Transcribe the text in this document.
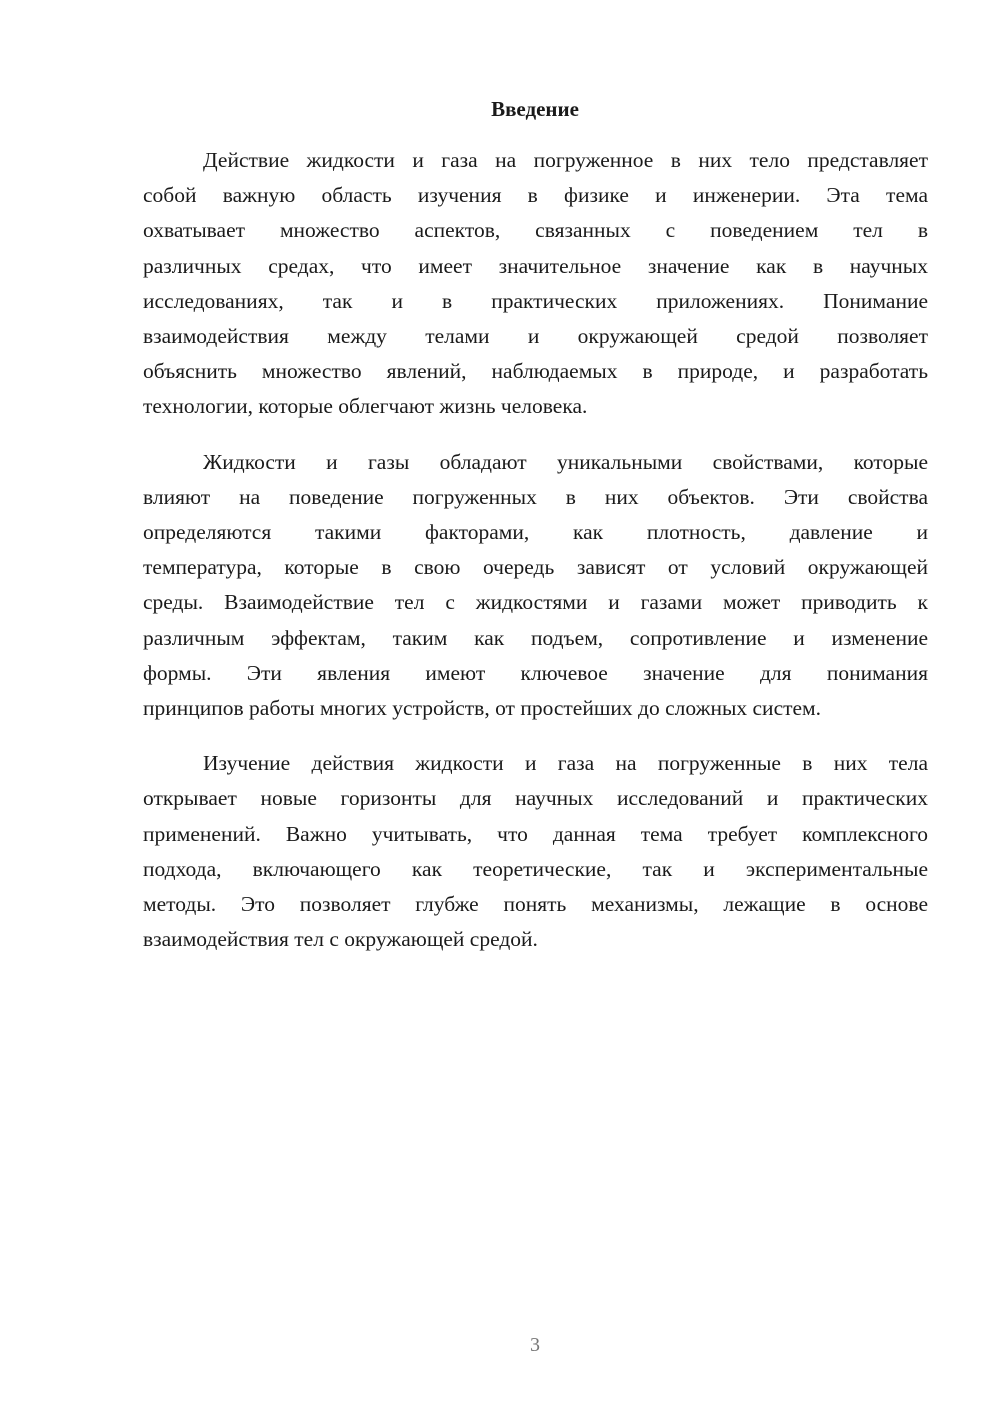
Введение
Действие жидкости и газа на погруженное в них тело представляет
собой важную область изучения в физике и инженерии. Эта тема
охватывает множество аспектов, связанных с поведением тел в
различных средах, что имеет значительное значение как в научных
исследованиях, так и в практических приложениях. Понимание
взаимодействия между телами и окружающей средой позволяет
объяснить множество явлений, наблюдаемых в природе, и разработать
технологии, которые облегчают жизнь человека.
Жидкости и газы обладают уникальными свойствами, которые
влияют на поведение погруженных в них объектов. Эти свойства
определяются такими факторами, как плотность, давление и
температура, которые в свою очередь зависят от условий окружающей
среды. Взаимодействие тел с жидкостями и газами может приводить к
различным эффектам, таким как подъем, сопротивление и изменение
формы. Эти явления имеют ключевое значение для понимания
принципов работы многих устройств, от простейших до сложных систем.
Изучение действия жидкости и газа на погруженные в них тела
открывает новые горизонты для научных исследований и практических
применений. Важно учитывать, что данная тема требует комплексного
подхода, включающего как теоретические, так и экспериментальные
методы. Это позволяет глубже понять механизмы, лежащие в основе
взаимодействия тел с окружающей средой.
3
